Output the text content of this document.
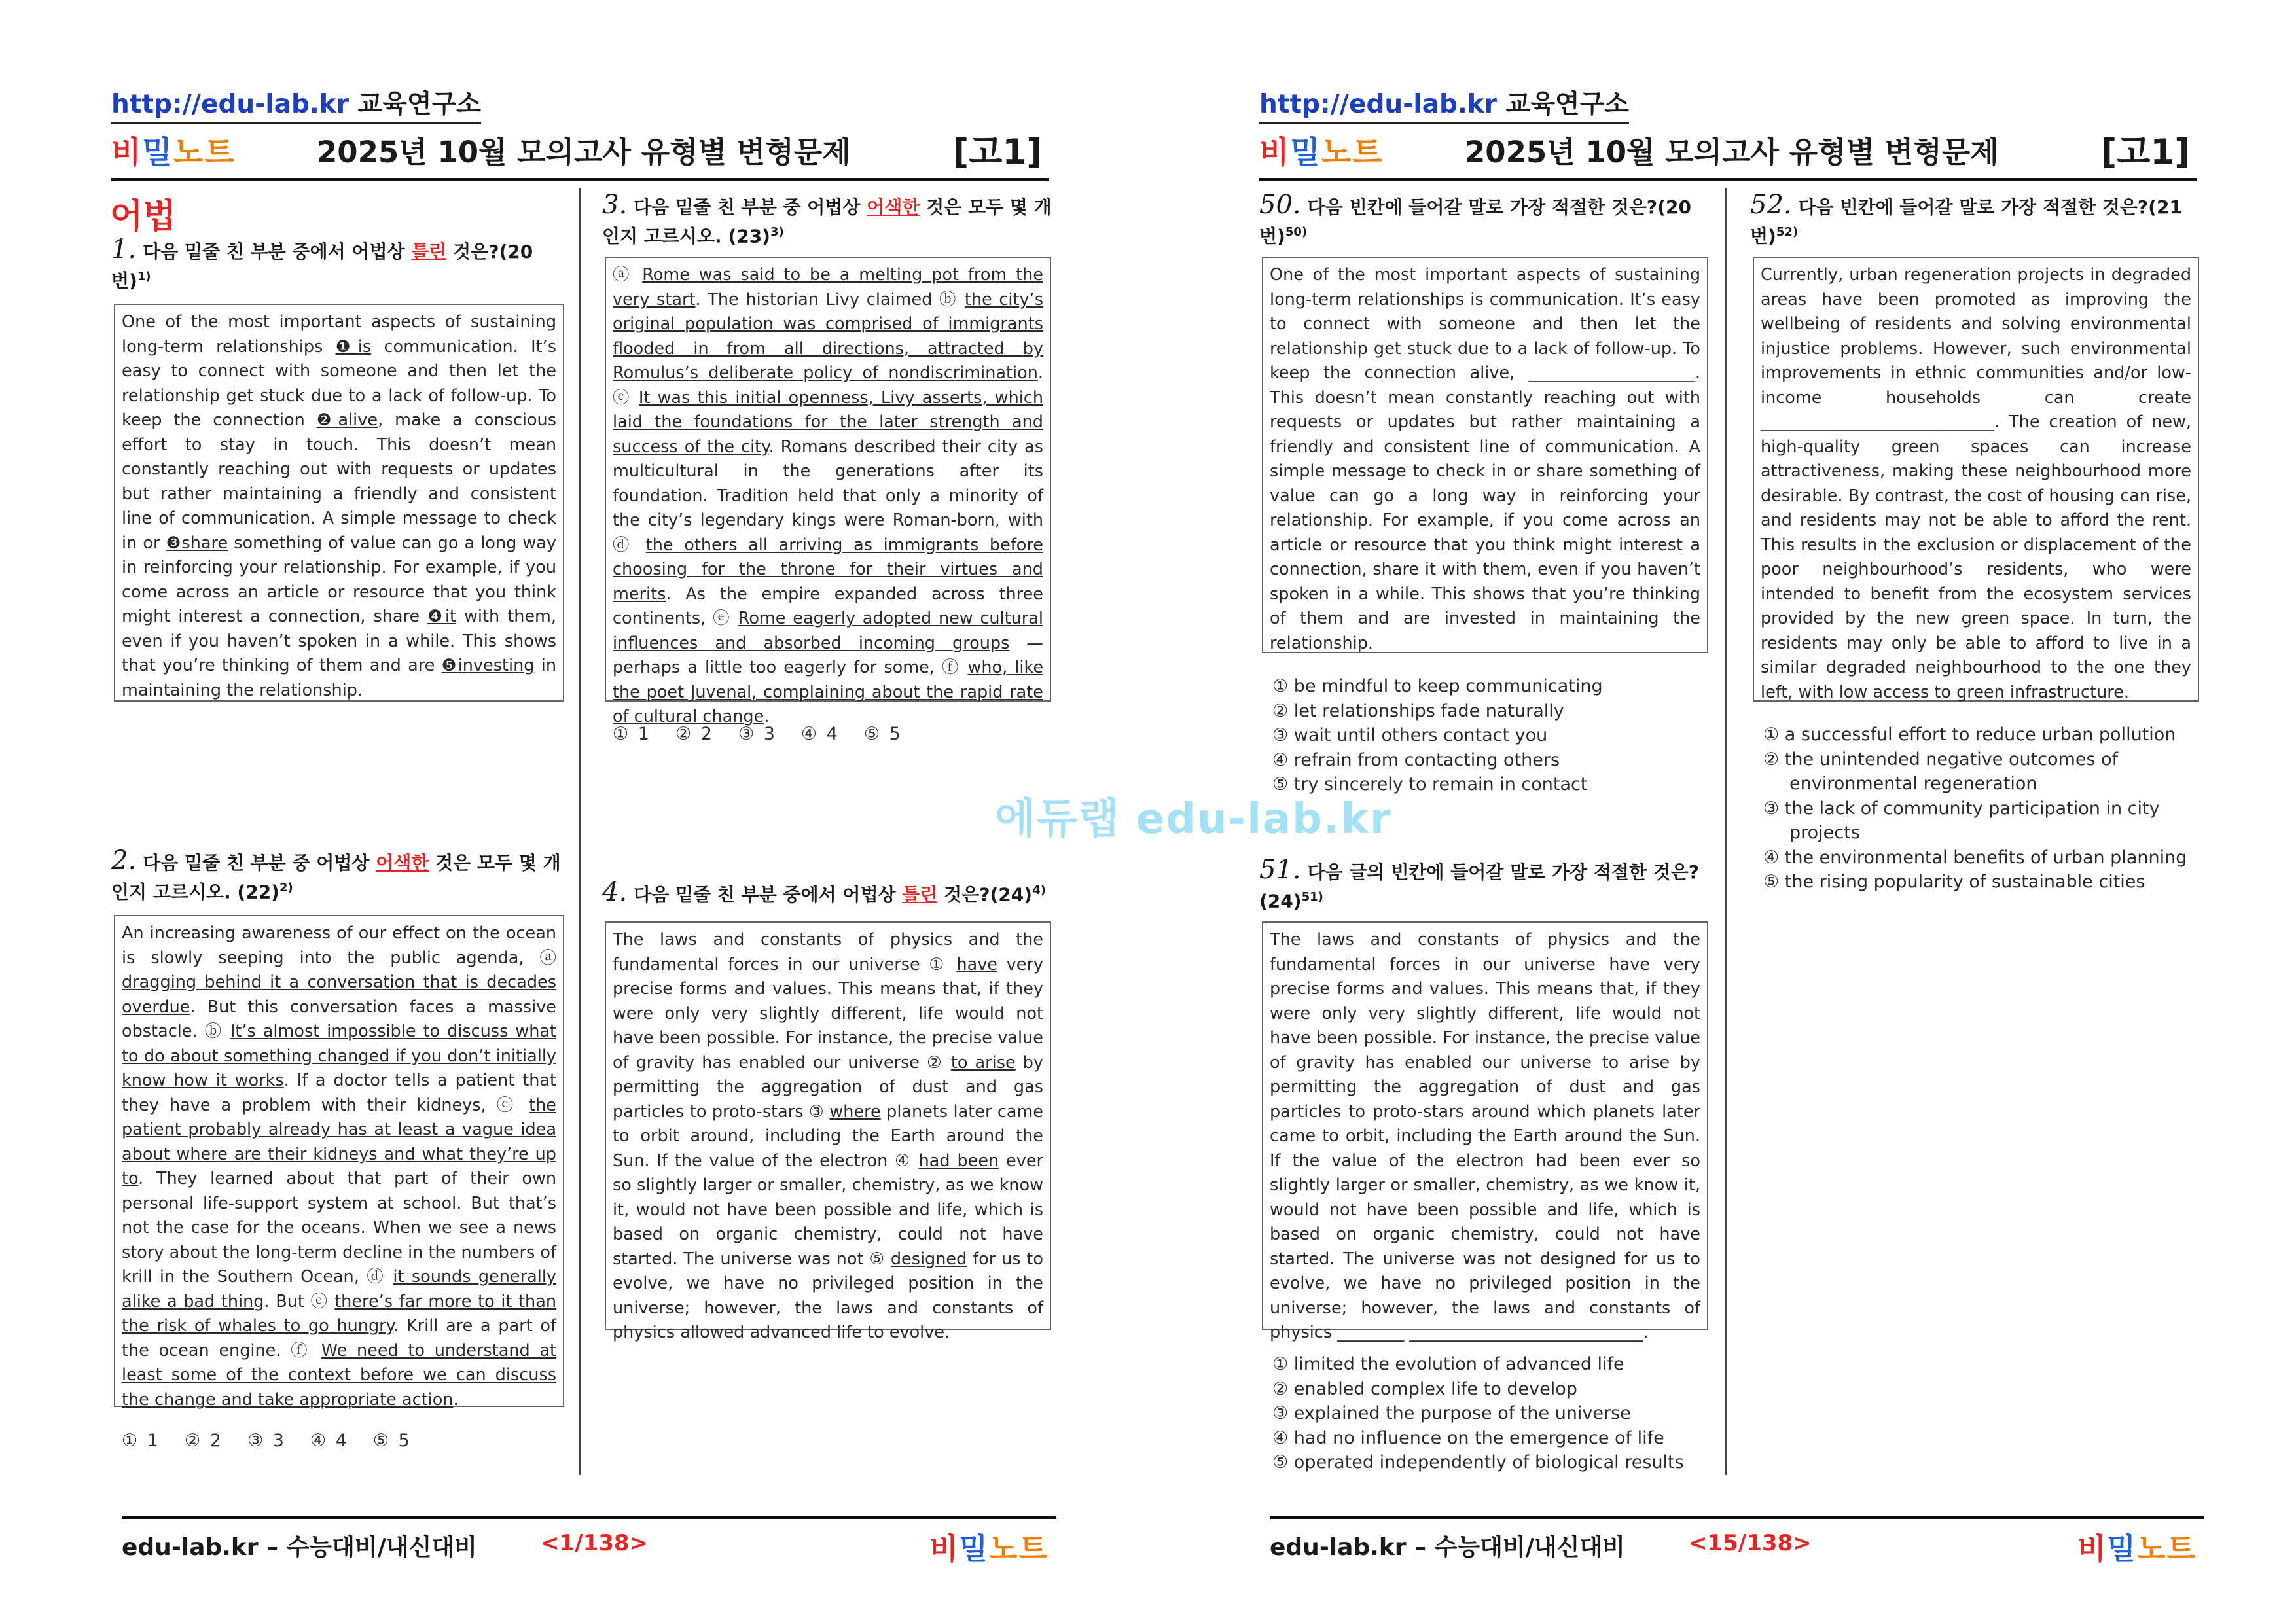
http://edu-lab.kr 교육연구소
비밀노트	2025년 10월 모의고사 유형별 변형문제	[고1]
어법
1. 다음 밑줄 친 부분 중에서 어법상 틀린 것은?(20번)$^{1)}$
One of the most important aspects of sustaining long-term relationships ❶is communication. It’s easy to connect with someone and then let the relationship get stuck due to a lack of follow-up. To keep the connection ❷alive, make a conscious effort to stay in touch. This doesn’t mean constantly reaching out with requests or updates but rather maintaining a friendly and consistent line of communication. A simple message to check in or ❸share something of value can go a long way in reinforcing your relationship. For example, if you come across an article or resource that you think might interest a connection, share ❹it with them, even if you haven’t spoken in a while. This shows that you’re thinking of them and are ❺investing in maintaining the relationship.
2. 다음 밑줄 친 부분 중 어법상 어색한 것은 모두 몇 개인지 고르시오. $(22)^{2)}$
An increasing awareness of our effect on the ocean is slowly seeping into the public agenda, ⓐ dragging behind it a conversation that is decades overdue. But this conversation faces a massive obstacle. ⓑ It’s almost impossible to discuss what to do about something changed if you don’t initially know how it works. If a doctor tells a patient that they have a problem with their kidneys, ⓒ the patient probably already has at least a vague idea about where are their kidneys and what they’re up to. They learned about that part of their own personal life-support system at school. But that’s not the case for the oceans. When we see a news story about the long-term decline in the numbers of krill in the Southern Ocean, ⓓ it sounds generally alike a bad thing. But ⓔ there’s far more to it than the risk of whales to go hungry. Krill are a part of the ocean engine. ⓕ We need to understand at least some of the context before we can discuss the change and take appropriate action.
① 1 ② 2 ③ 3 ④ 4 ⑤ 5
3. 다음 밑줄 친 부분 중 어법상 어색한 것은 모두 몇 개인지 고르시오. $(23)^{3)}$
ⓐ Rome was said to be a melting pot from the very start. The historian Livy claimed ⓑ the city’s original population was comprised of immigrants flooded in from all directions, attracted by Romulus’s deliberate policy of nondiscrimination. ⓒ It was this initial openness, Livy asserts, which laid the foundations for the later strength and success of the city. Romans described their city as multicultural in the generations after its foundation. Tradition held that only a minority of the city’s legendary kings were Roman-born, with ⓓ the others all arriving as immigrants before choosing for the throne for their virtues and merits. As the empire expanded across three continents, ⓔ Rome eagerly adopted new cultural influences and absorbed incoming groups — perhaps a little too eagerly for some, ⓕ who, like the poet Juvenal, complaining about the rapid rate of cultural change.
① 1 ② 2 ③ 3 ④ 4 ⑤ 5
4. 다음 밑줄 친 부분 중에서 어법상 틀린 것은$?(24)^{4)}$
The laws and constants of physics and the fundamental forces in our universe ① have very precise forms and values. This means that, if they were only very slightly different, life would not have been possible. For instance, the precise value of gravity has enabled our universe ② to arise by permitting the aggregation of dust and gas particles to proto-stars ③ where planets later came to orbit around, including the Earth around the Sun. If the value of the electron ④ had been ever so slightly larger or smaller, chemistry, as we know it, would not have been possible and life, which is based on organic chemistry, could not have started. The universe was not ⑤ designed for us to evolve, we have no privileged position in the universe; however, the laws and constants of physics allowed advanced life to evolve.
edu-lab.kr – 수능대비/내신대비	<1/138>	비밀노트
http://edu-lab.kr 교육연구소
비밀노트	2025년 10월 모의고사 유형별 변형문제	[고1]
50. 다음 빈칸에 들어갈 말로 가장 적절한 것은?(20번)$^{50)}$
One of the most important aspects of sustaining long-term relationships is communication. It’s easy to connect with someone and then let the relationship get stuck due to a lack of follow-up. To keep the connection alive, ____________________. This doesn’t mean constantly reaching out with requests or updates but rather maintaining a friendly and consistent line of communication. A simple message to check in or share something of value can go a long way in reinforcing your relationship. For example, if you come across an article or resource that you think might interest a connection, share it with them, even if you haven’t spoken in a while. This shows that you’re thinking of them and are invested in maintaining the relationship.
① be mindful to keep communicating
② let relationships fade naturally
③ wait until others contact you
④ refrain from contacting others
⑤ try sincerely to remain in contact
51. 다음 글의 빈칸에 들어갈 말로 가장 적절한 것은$?(24)^{51)}$
The laws and constants of physics and the fundamental forces in our universe have very precise forms and values. This means that, if they were only very slightly different, life would not have been possible. For instance, the precise value of gravity has enabled our universe to arise by permitting the aggregation of dust and gas particles to proto-stars around which planets later came to orbit, including the Earth around the Sun. If the value of the electron had been ever so slightly larger or smaller, chemistry, as we know it, would not have been possible and life, which is based on organic chemistry, could not have started. The universe was not designed for us to evolve, we have no privileged position in the universe; however, the laws and constants of physics ________ ____________________________.
① limited the evolution of advanced life
② enabled complex life to develop
③ explained the purpose of the universe
④ had no influence on the emergence of life
⑤ operated independently of biological results
52. 다음 빈칸에 들어갈 말로 가장 적절한 것은?(21번)$^{52)}$
Currently, urban regeneration projects in degraded areas have been promoted as improving the wellbeing of residents and solving environmental injustice problems. However, such environmental improvements in ethnic communities and/or low-income households can create ____________________________. The creation of new, high-quality green spaces can increase attractiveness, making these neighbourhood more desirable. By contrast, the cost of housing can rise, and residents may not be able to afford the rent. This results in the exclusion or displacement of the poor neighbourhood’s residents, who were intended to benefit from the ecosystem services provided by the new green space. In turn, the residents may only be able to afford to live in a similar degraded neighbourhood to the one they left, with low access to green infrastructure.
① a successful effort to reduce urban pollution
② the unintended negative outcomes of environmental regeneration
③ the lack of community participation in city projects
④ the environmental benefits of urban planning
⑤ the rising popularity of sustainable cities
edu-lab.kr – 수능대비/내신대비	<15/138>	비밀노트
에듀랩 edu-lab.kr
